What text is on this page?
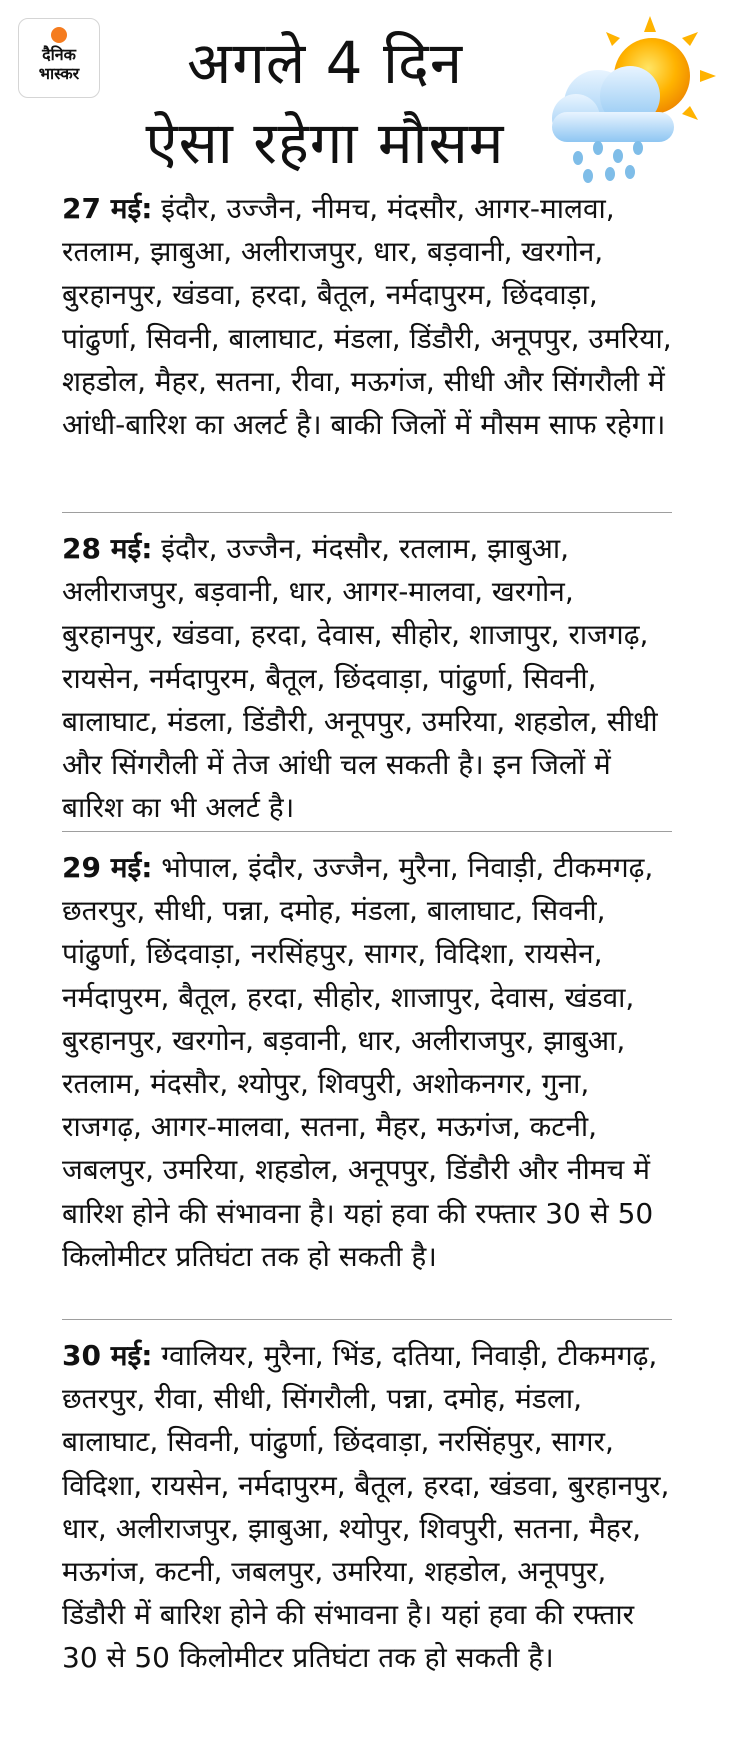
दैनिक
भास्कर	अगले 4 दिन
ऐसा रहेगा मौसम
27 मई: इंदौर, उज्जैन, नीमच, मंदसौर, आगर-मालवा, रतलाम, झाबुआ, अलीराजपुर, धार, बड़वानी, खरगोन, बुरहानपुर, खंडवा, हरदा, बैतूल, नर्मदापुरम, छिंदवाड़ा, पांढुर्णा, सिवनी, बालाघाट, मंडला, डिंडौरी, अनूपपुर, उमरिया, शहडोल, मैहर, सतना, रीवा, मऊगंज, सीधी और सिंगरौली में आंधी-बारिश का अलर्ट है। बाकी जिलों में मौसम साफ रहेगा।
28 मई: इंदौर, उज्जैन, मंदसौर, रतलाम, झाबुआ, अलीराजपुर, बड़वानी, धार, आगर-मालवा, खरगोन, बुरहानपुर, खंडवा, हरदा, देवास, सीहोर, शाजापुर, राजगढ़, रायसेन, नर्मदापुरम, बैतूल, छिंदवाड़ा, पांढुर्णा, सिवनी, बालाघाट, मंडला, डिंडौरी, अनूपपुर, उमरिया, शहडोल, सीधी और सिंगरौली में तेज आंधी चल सकती है। इन जिलों में बारिश का भी अलर्ट है।
29 मई: भोपाल, इंदौर, उज्जैन, मुरैना, निवाड़ी, टीकमगढ़, छतरपुर, सीधी, पन्ना, दमोह, मंडला, बालाघाट, सिवनी, पांढुर्णा, छिंदवाड़ा, नरसिंहपुर, सागर, विदिशा, रायसेन, नर्मदापुरम, बैतूल, हरदा, सीहोर, शाजापुर, देवास, खंडवा, बुरहानपुर, खरगोन, बड़वानी, धार, अलीराजपुर, झाबुआ, रतलाम, मंदसौर, श्योपुर, शिवपुरी, अशोकनगर, गुना, राजगढ़, आगर-मालवा, सतना, मैहर, मऊगंज, कटनी, जबलपुर, उमरिया, शहडोल, अनूपपुर, डिंडौरी और नीमच में बारिश होने की संभावना है। यहां हवा की रफ्तार 30 से 50 किलोमीटर प्रतिघंटा तक हो सकती है।
30 मई: ग्वालियर, मुरैना, भिंड, दतिया, निवाड़ी, टीकमगढ़, छतरपुर, रीवा, सीधी, सिंगरौली, पन्ना, दमोह, मंडला, बालाघाट, सिवनी, पांढुर्णा, छिंदवाड़ा, नरसिंहपुर, सागर, विदिशा, रायसेन, नर्मदापुरम, बैतूल, हरदा, खंडवा, बुरहानपुर, धार, अलीराजपुर, झाबुआ, श्योपुर, शिवपुरी, सतना, मैहर, मऊगंज, कटनी, जबलपुर, उमरिया, शहडोल, अनूपपुर, डिंडौरी में बारिश होने की संभावना है। यहां हवा की रफ्तार 30 से 50 किलोमीटर प्रतिघंटा तक हो सकती है।
